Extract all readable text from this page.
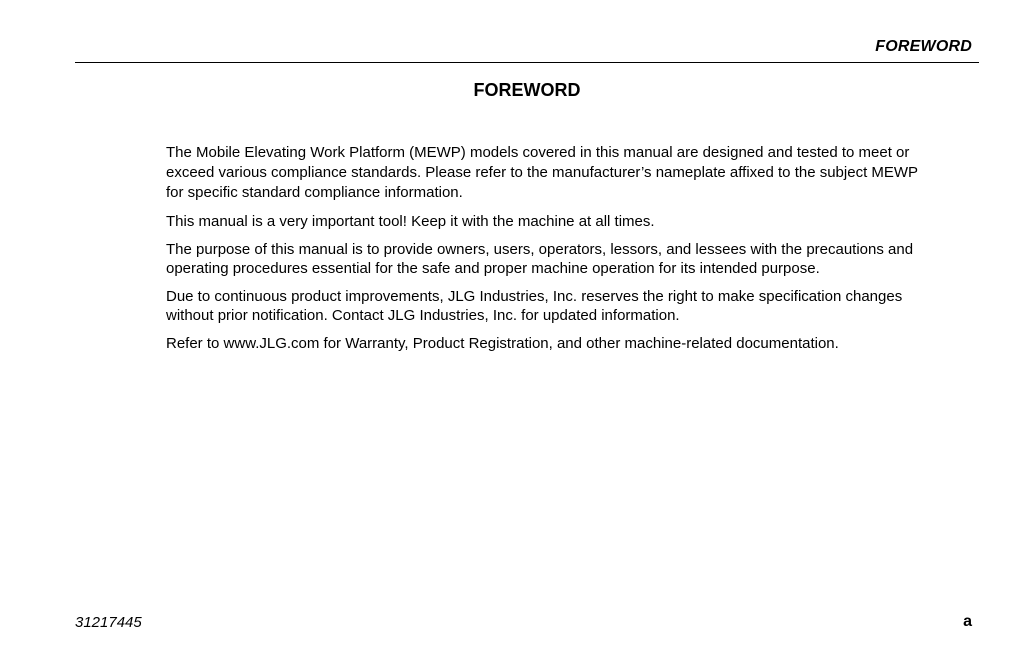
FOREWORD
FOREWORD

The Mobile Elevating Work Platform (MEWP) models covered in this manual are designed and tested to meet or exceed various compliance standards. Please refer to the manufacturer’s nameplate affixed to the subject MEWP for specific standard compliance information.

This manual is a very important tool! Keep it with the machine at all times.

The purpose of this manual is to provide owners, users, operators, lessors, and lessees with the precautions and operating procedures essential for the safe and proper machine operation for its intended purpose.

Due to continuous product improvements, JLG Industries, Inc. reserves the right to make specification changes without prior notification. Contact JLG Industries, Inc. for updated information.

Refer to www.JLG.com for Warranty, Product Registration, and other machine-related documentation.

31217445	a
